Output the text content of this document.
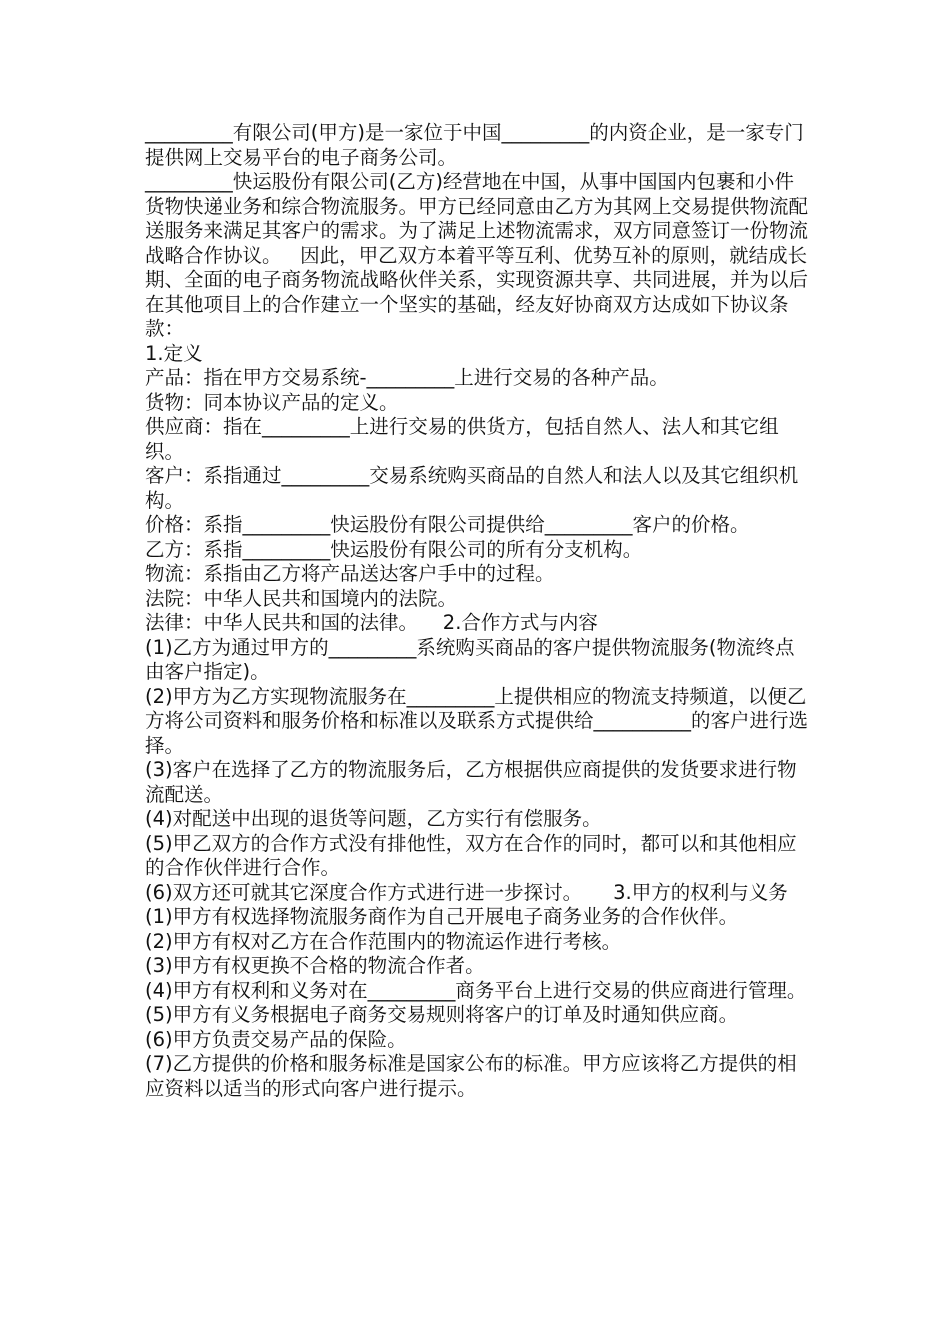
_________有限公司(甲方)是一家位于中国_________的内资企业，是一家专门提供网上交易平台的电子商务公司。

_________快运股份有限公司(乙方)经营地在中国，从事中国国内包裹和小件货物快递业务和综合物流服务。甲方已经同意由乙方为其网上交易提供物流配送服务来满足其客户的需求。为了满足上述物流需求，双方同意签订一份物流战略合作协议。   因此，甲乙双方本着平等互利、优势互补的原则，就结成长期、全面的电子商务物流战略伙伴关系，实现资源共享、共同进展，并为以后在其他项目上的合作建立一个坚实的基础，经友好协商双方达成如下协议条款：

1.定义

产品：指在甲方交易系统-_________上进行交易的各种产品。

货物：同本协议产品的定义。

供应商：指在_________上进行交易的供货方，包括自然人、法人和其它组织。

客户：系指通过_________交易系统购买商品的自然人和法人以及其它组织机构。

价格：系指_________快运股份有限公司提供给_________客户的价格。

乙方：系指_________快运股份有限公司的所有分支机构。

物流：系指由乙方将产品送达客户手中的过程。

法院：中华人民共和国境内的法院。

法律：中华人民共和国的法律。    2.合作方式与内容

(1)乙方为通过甲方的_________系统购买商品的客户提供物流服务(物流终点由客户指定)。

(2)甲方为乙方实现物流服务在_________上提供相应的物流支持频道，以便乙方将公司资料和服务价格和标准以及联系方式提供给__________的客户进行选择。

(3)客户在选择了乙方的物流服务后，乙方根据供应商提供的发货要求进行物流配送。

(4)对配送中出现的退货等问题，乙方实行有偿服务。

(5)甲乙双方的合作方式没有排他性，双方在合作的同时，都可以和其他相应的合作伙伴进行合作。

(6)双方还可就其它深度合作方式进行进一步探讨。     3.甲方的权利与义务

(1)甲方有权选择物流服务商作为自己开展电子商务业务的合作伙伴。

(2)甲方有权对乙方在合作范围内的物流运作进行考核。

(3)甲方有权更换不合格的物流合作者。

(4)甲方有权利和义务对在_________商务平台上进行交易的供应商进行管理。

(5)甲方有义务根据电子商务交易规则将客户的订单及时通知供应商。

(6)甲方负责交易产品的保险。

(7)乙方提供的价格和服务标准是国家公布的标准。甲方应该将乙方提供的相应资料以适当的形式向客户进行提示。
